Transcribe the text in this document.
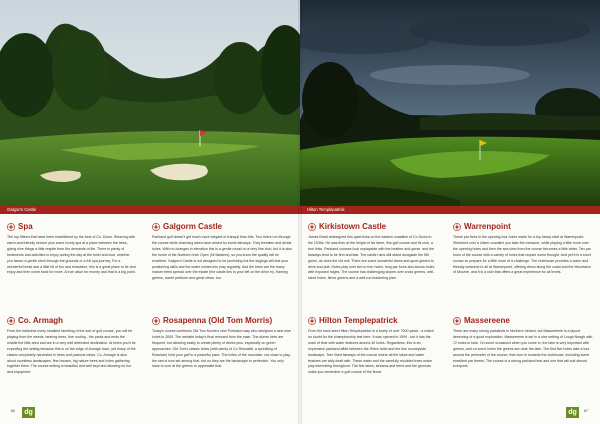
Galgorm Castle
Spa
The top fifteen that have been established by the best of Co. Down. Relaxing with warm and friendly service plus some lovely spa at a place between the trees, giving nice things a little respite from the demands of life. There is plenty of treatments and activities to enjoy during the day at the hotel and club, whether you favour a gentle stroll through the grounds or a full spa journey. For a wonderful break and a little bit of fun and relaxation, this is a great place to be and enjoy and then come back for more. A true value for money and that is a big point.
Co. Armagh
From the baldness every smallest rambling of the sort of golf course, you will be playing from the weeds, bearing trees, fine rooting - the parks and ends the middle the little area and are in a very well defended destination. At times you'll be expecting the setting because this is on the edge of Armagh town, yet many of the classic completely harvested in trees and pastoral views. Co. Armagh is also about countless landscapes, fine houses, big nature trees and holes gathering together them. The course setting is beautiful and well kept and allowing for fun and enjoyment.
Galgorm Castle
Parkland golf doesn't get much more elegant or tranquil than this. Two rivers run through the course while charming lakes have aimed for some fairways. They threaten and divide holes. With no changes in elevation this is a gentle round on a very fine club, but it is also the home of the Northern Irish Open (NI Masters), so you know the quality will be excellent. Galgorm Castle is not designed to be punishing but the doglegs will test your positioning skills and the water comes into play regularly. And the trees are the many mature trees spread over the estate (the castle lies to your left on the drive in), framing greens, sweet perfume and great views, too.
Rosapenna (Old Tom Morris)
Today's course combines Old Tom Morris's new Portsalon way who designed a new nine holes in 2009. The website today's final remnant from the main. The dunes here are frequent, but allowing easily to create plenty of drives plus, especially on green approaches. Old Tom's classic holes (with plenty of Co Rosnakill, a sprinkling of Rosslare) hold your golf to a peaceful pace. The holes of the mountain, not close to play, the sea is now set among that, but no they are the landscape to perfection. You only have to look at the greens to appreciate that.
66	dg
Hilton Templepatrick
Kirkistown Castle
James Braid redesigned this quiet links on the eastern coastline of Co Down in the 1930s. He was then at the height of his fame, this golf course and its club, a true links. Parkland courses look unplayable with the heather and gorse, and the fairways tend to be firm and fast. The castle ruins still stand alongside the 5th green, as does the old mill. There are some wonderful views and good greens to drive and putt. Holes play over two to four holes, long par fours and across holes with exposed ridges. The course has challenging slopes over cross greens, well-sized holes, fierce greens and a well-run bunkering plan.
Hilton Templepatrick
From the back tees Hilton Templepatrick is a lovely of over 7000 yards - a match no doubt for the championship test here. It was opened in 1999 - but it has the mark of time with water features around 40 holes. Regardless, this is an impressive parkland affair between the Hilton hotel and the fine countryside landscape. Tree lined fairways of the course where all the lakes and water features are ably dealt with. These water and the carefully moulded trees make play interesting throughout. The fine lakes, streams and trees and the grounds make you remember a golf course of the finest.
Warrenpoint
These par fives in the opening four holes make for a top heavy start at Warrenpoint. Stretched over a Ulster coastline you take the measure, while playing a little more over the opening holes and then the sea view from the course becomes a little wider. Ten par fours of the course with a variety of holes that require some thought. And yet it is a short course so prepare for a little more of a challenge. The clubhouse provides a warm and friendly welcome to all at Warrenpoint, offering views along the coast and the Mountains of Mourne, and it is a club that offers a great experience for all levels.
Massereene
There are many strong parklands in Northern Ireland, but Massereene is a layout deserving of a good exploration. Massereene is set in a nice setting of Lough Neagh with 72 holes in total. On some occasions when you come in, the lake is very important with greens, and on some holes the greens are near the lake. The first five holes take a tour around the perimeter of the course, then turn in towards the clubhouse, including some excellent par threes. The course is a strong parkland test and one that will suit almost everyone.
dg	67
